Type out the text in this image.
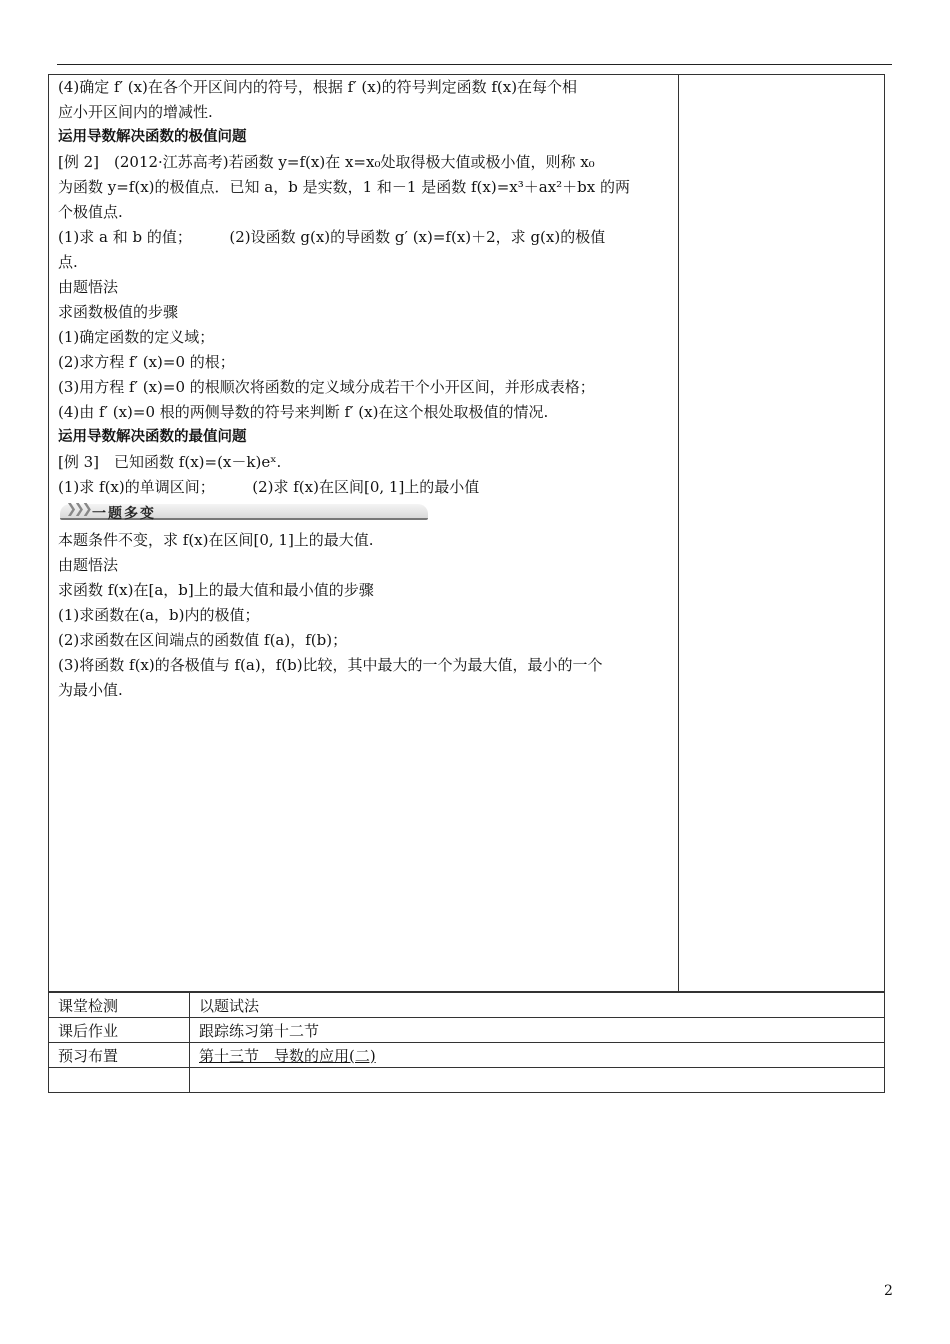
(4)确定 f′ (x)在各个开区间内的符号，根据 f′ (x)的符号判定函数 f(x)在每个相
应小开区间内的增减性.
运用导数解决函数的极值问题
[例 2]　(2012·江苏高考)若函数 y=f(x)在 x=x₀处取得极大值或极小值，则称 x₀
为函数 y=f(x)的极值点．已知 a，b 是实数，1 和－1 是函数 f(x)=x³＋ax²＋bx 的两
个极值点.
(1)求 a 和 b 的值；　　　(2)设函数 g(x)的导函数 g′ (x)=f(x)＋2，求 g(x)的极值
点.
由题悟法
求函数极值的步骤
(1)确定函数的定义域；
(2)求方程 f′ (x)=0 的根；
(3)用方程 f′ (x)=0 的根顺次将函数的定义域分成若干个小开区间，并形成表格；
(4)由 f′ (x)=0 根的两侧导数的符号来判断 f′ (x)在这个根处取极值的情况.
运用导数解决函数的最值问题
[例 3]　已知函数 f(x)=(x－k)eˣ.
(1)求 f(x)的单调区间；　　　(2)求 f(x)在区间[0, 1]上的最小值
❯❯❯ 一题多变
本题条件不变，求 f(x)在区间[0, 1]上的最大值.
由题悟法
求函数 f(x)在[a，b]上的最大值和最小值的步骤
(1)求函数在(a，b)内的极值；
(2)求函数在区间端点的函数值 f(a)，f(b)；
(3)将函数 f(x)的各极值与 f(a)，f(b)比较，其中最大的一个为最大值，最小的一个
为最小值.
课堂检测	以题试法
课后作业	跟踪练习第十二节
预习布置	第十三节　导数的应用(二)

2
